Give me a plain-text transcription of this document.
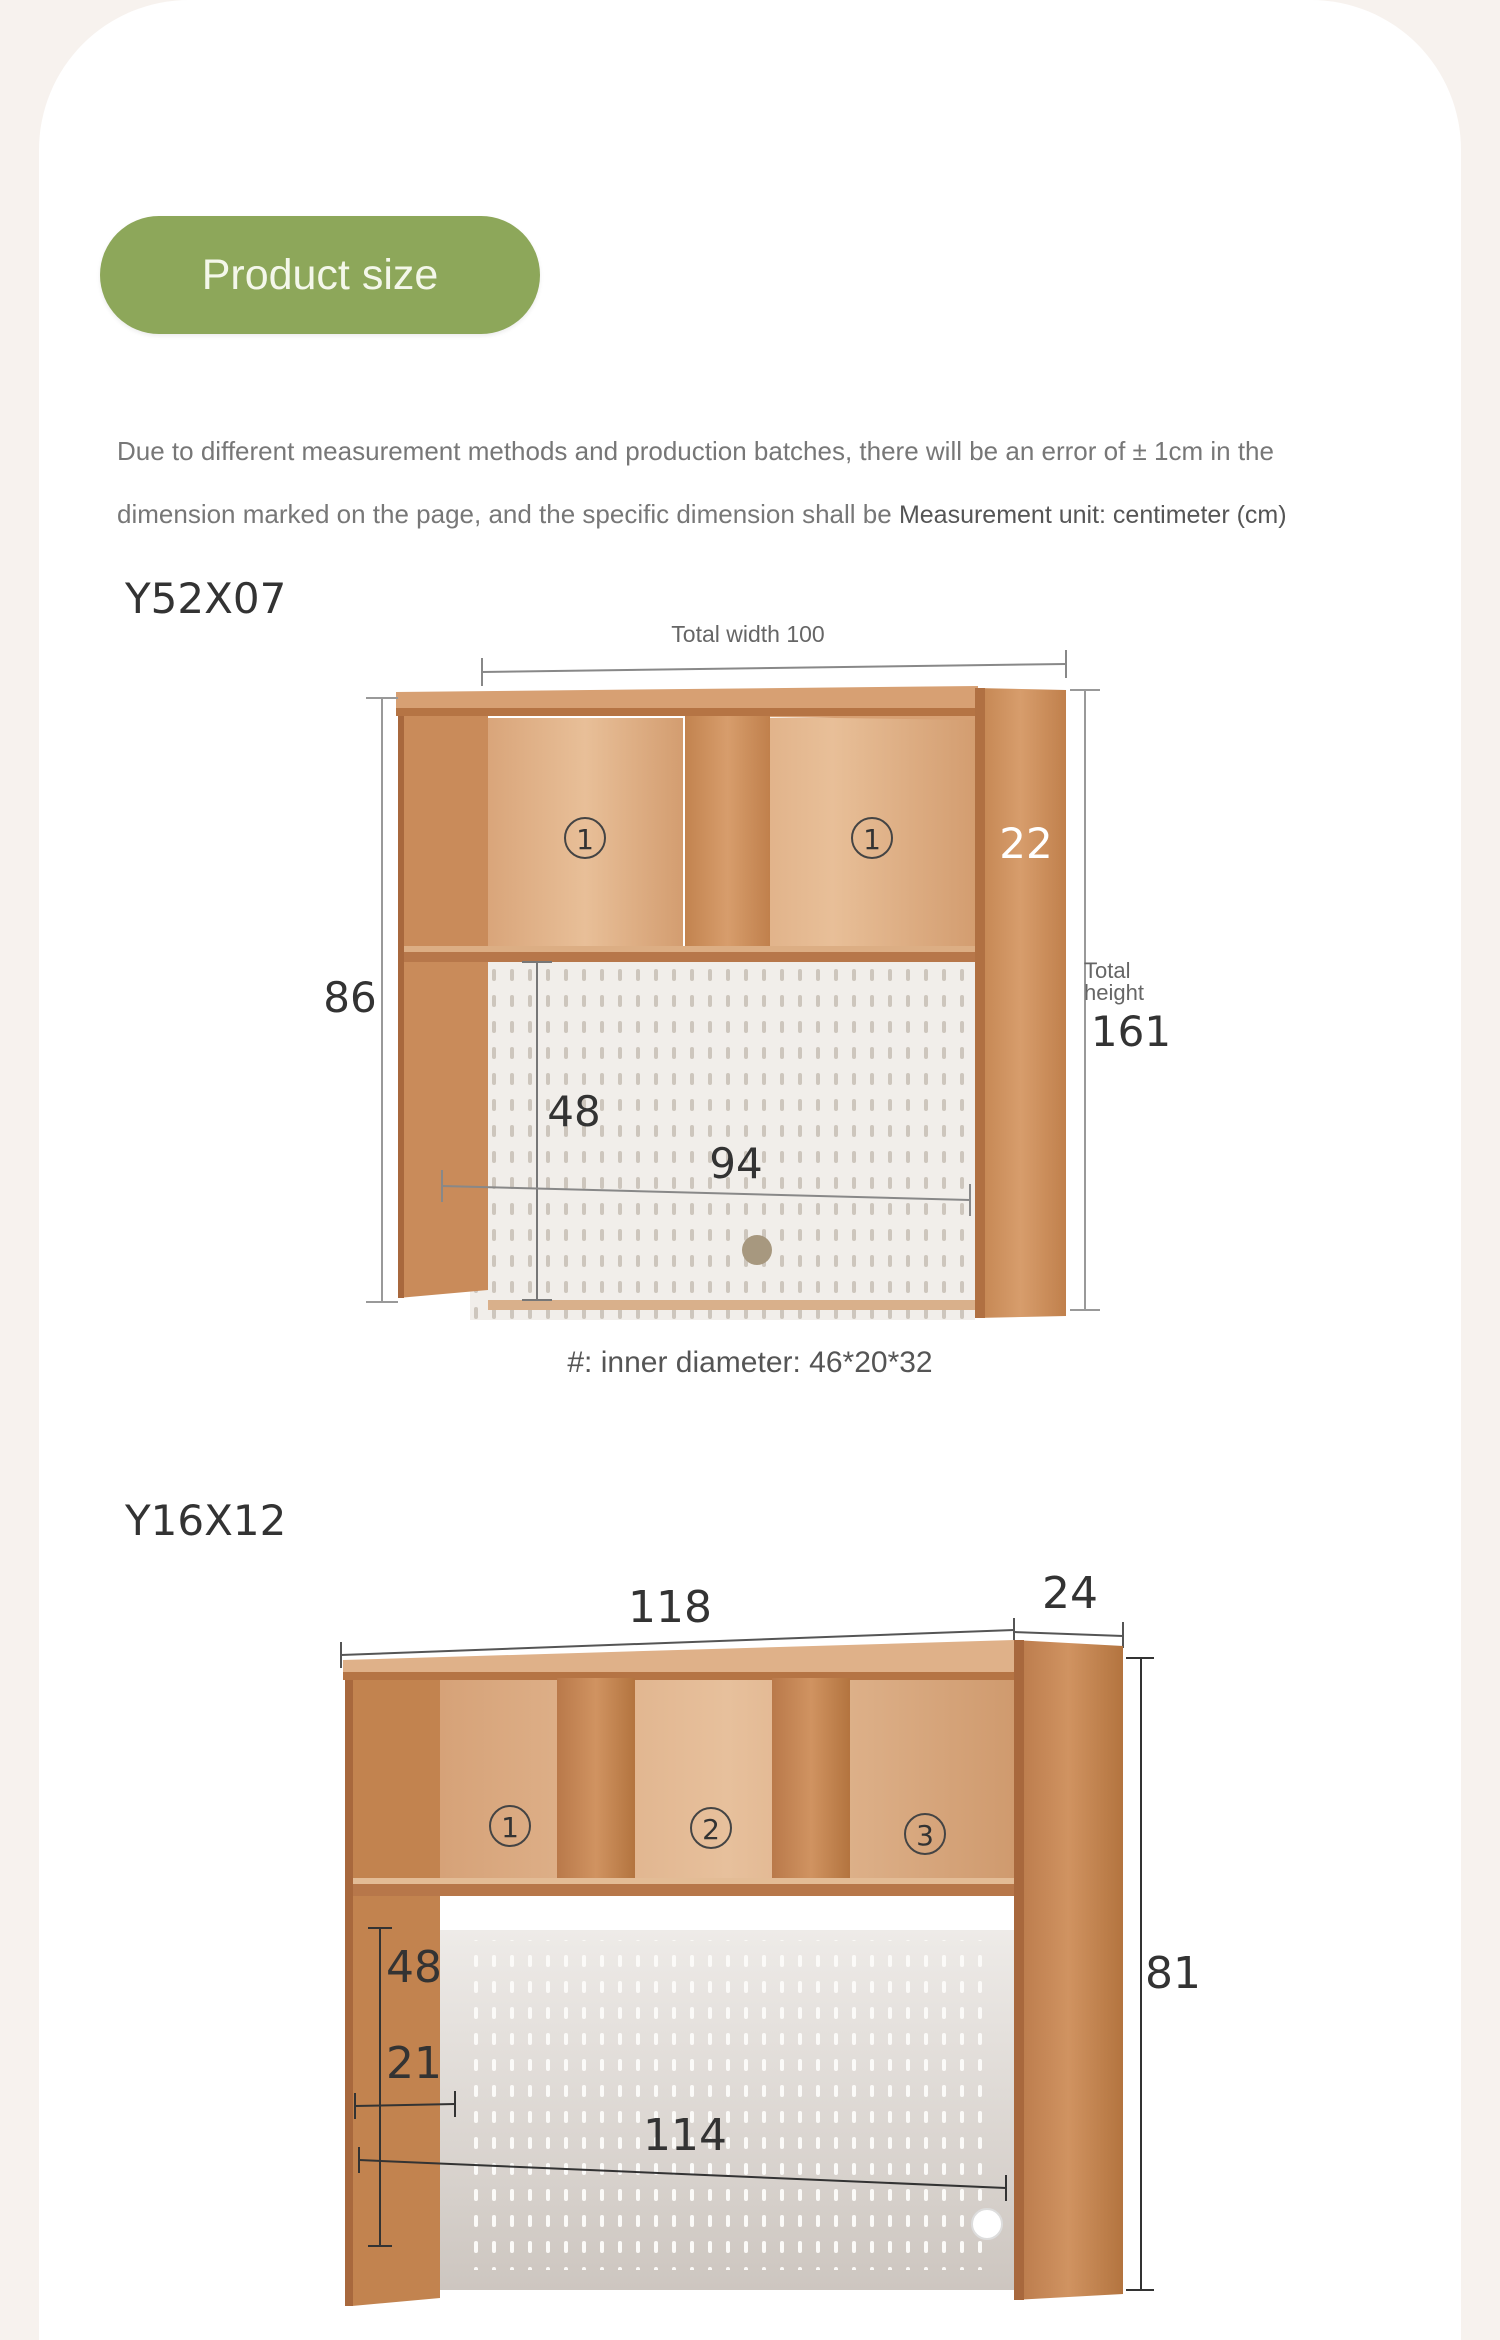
Product size
Due to different measurement methods and production batches, there will be an error of ± 1cm in the dimension marked on the page, and the specific dimension shall be Measurement unit: centimeter (cm)
Y52X07
Total width 100
86
Total
height
161
22
48
94
1	1
#: inner diameter: 46*20*32
Y16X12
118	24
81
48
21
114
1	2	3
